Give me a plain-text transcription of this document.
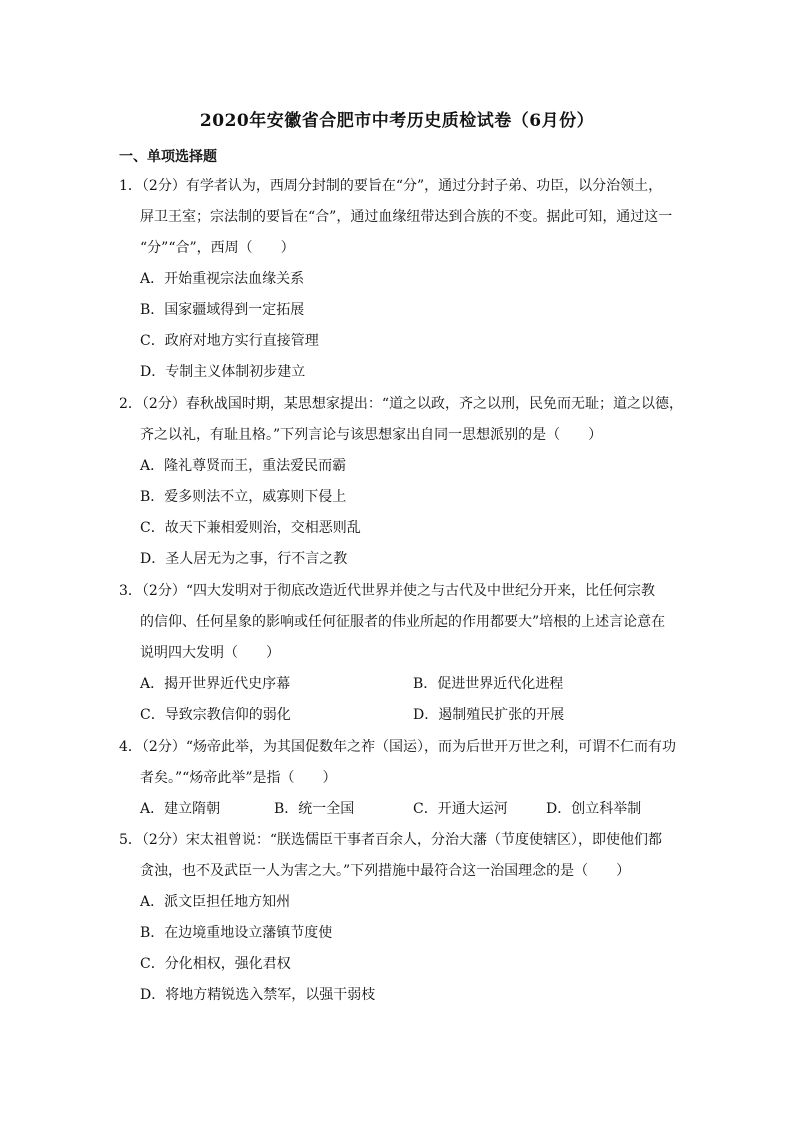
2020年安徽省合肥市中考历史质检试卷（6月份）
一、单项选择题
1．（2分）有学者认为，西周分封制的要旨在“分”，通过分封子弟、功臣，以分治领土，
屏卫王室；宗法制的要旨在“合”，通过血缘纽带达到合族的不变。据此可知，通过这一
“分”“合”，西周（　　）
A．开始重视宗法血缘关系
B．国家疆域得到一定拓展
C．政府对地方实行直接管理
D．专制主义体制初步建立
2．（2分）春秋战国时期，某思想家提出：“道之以政，齐之以刑，民免而无耻；道之以德，
齐之以礼，有耻且格。”下列言论与该思想家出自同一思想派别的是（　　）
A．隆礼尊贤而王，重法爱民而霸
B．爱多则法不立，威寡则下侵上
C．故天下兼相爱则治，交相恶则乱
D．圣人居无为之事，行不言之教
3．（2分）“四大发明对于彻底改造近代世界并使之与古代及中世纪分开来，比任何宗教
的信仰、任何星象的影响或任何征服者的伟业所起的作用都要大”培根的上述言论意在
说明四大发明（　　）
A．揭开世界近代史序幕	B．促进世界近代化进程
C．导致宗教信仰的弱化	D．遏制殖民扩张的开展
4．（2分）“炀帝此举，为其国促数年之祚（国运），而为后世开万世之利，可谓不仁而有功
者矣。”“炀帝此举”是指（　　）
A．建立隋朝	B．统一全国	C．开通大运河	D．创立科举制
5．（2分）宋太祖曾说：“朕选儒臣干事者百余人，分治大藩（节度使辖区），即使他们都
贪浊，也不及武臣一人为害之大。”下列措施中最符合这一治国理念的是（　　）
A．派文臣担任地方知州
B．在边境重地设立藩镇节度使
C．分化相权，强化君权
D．将地方精锐选入禁军，以强干弱枝
